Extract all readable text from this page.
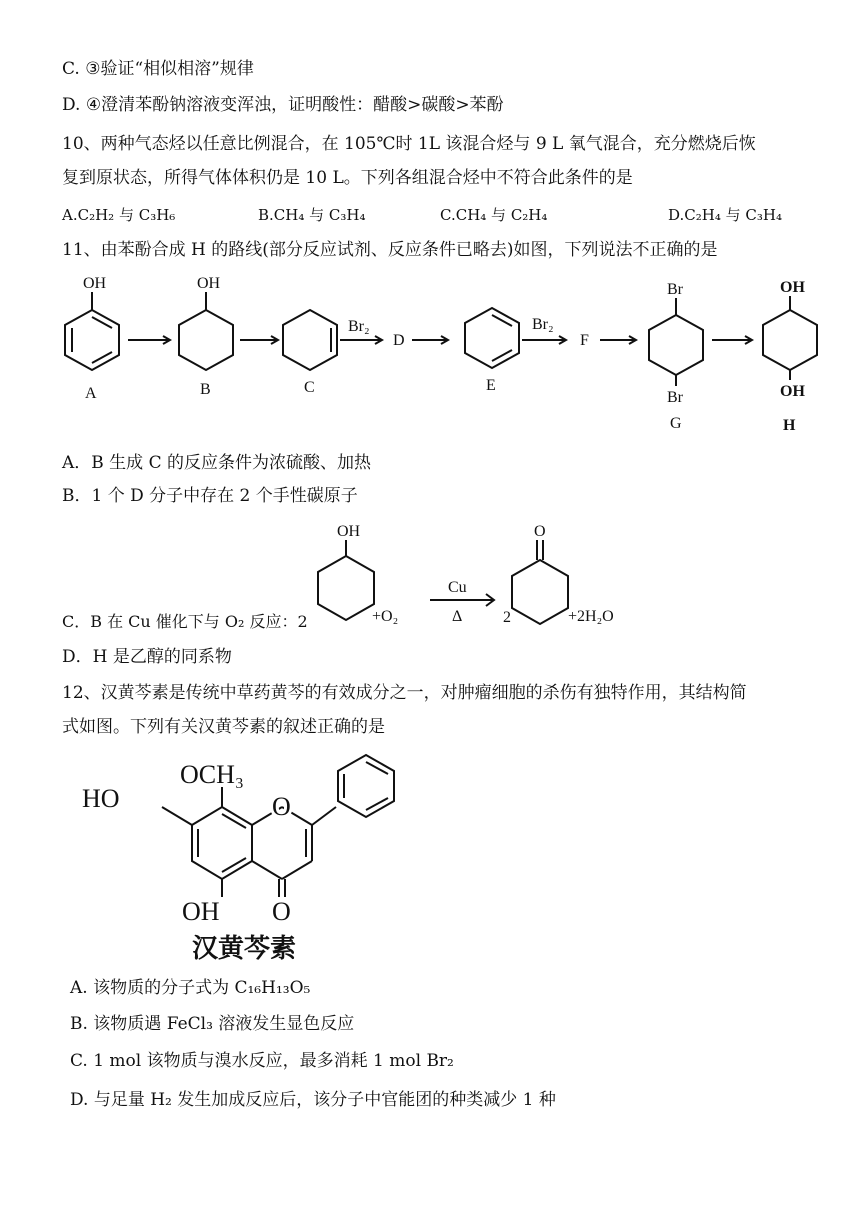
C. ③验证“相似相溶”规律
D. ④澄清苯酚钠溶液变浑浊，证明酸性：醋酸>碳酸>苯酚
10、两种气态烃以任意比例混合，在 105℃时 1L 该混合烃与 9 L 氧气混合，充分燃烧后恢
复到原状态，所得气体体积仍是 10 L。下列各组混合烃中不符合此条件的是
A.C₂H₂ 与 C₃H₆	B.CH₄ 与 C₃H₄	C.CH₄ 与 C₂H₄	D.C₂H₄ 与 C₃H₄
11、由苯酚合成 H 的路线(部分反应试剂、反应条件已略去)如图，下列说法不正确的是
OH	OH
Br₂
D
Br₂
F
Br
Br
OH
OH
A	B	C	E
G	H
A．B 生成 C 的反应条件为浓硫酸、加热
B．1 个 D 分子中存在 2 个手性碳原子
OH
+O₂
Cu
Δ	2
O
+2H₂O
C．B 在 Cu 催化下与 O₂ 反应：2
D．H 是乙醇的同系物
12、汉黄芩素是传统中草药黄芩的有效成分之一，对肿瘤细胞的杀伤有独特作用，其结构简
式如图。下列有关汉黄芩素的叙述正确的是
OCH₃
HO	O
OH O
汉黄芩素
A. 该物质的分子式为 C₁₆H₁₃O₅
B. 该物质遇 FeCl₃ 溶液发生显色反应
C. 1 mol 该物质与溴水反应，最多消耗 1 mol Br₂
D. 与足量 H₂ 发生加成反应后，该分子中官能团的种类减少 1 种
